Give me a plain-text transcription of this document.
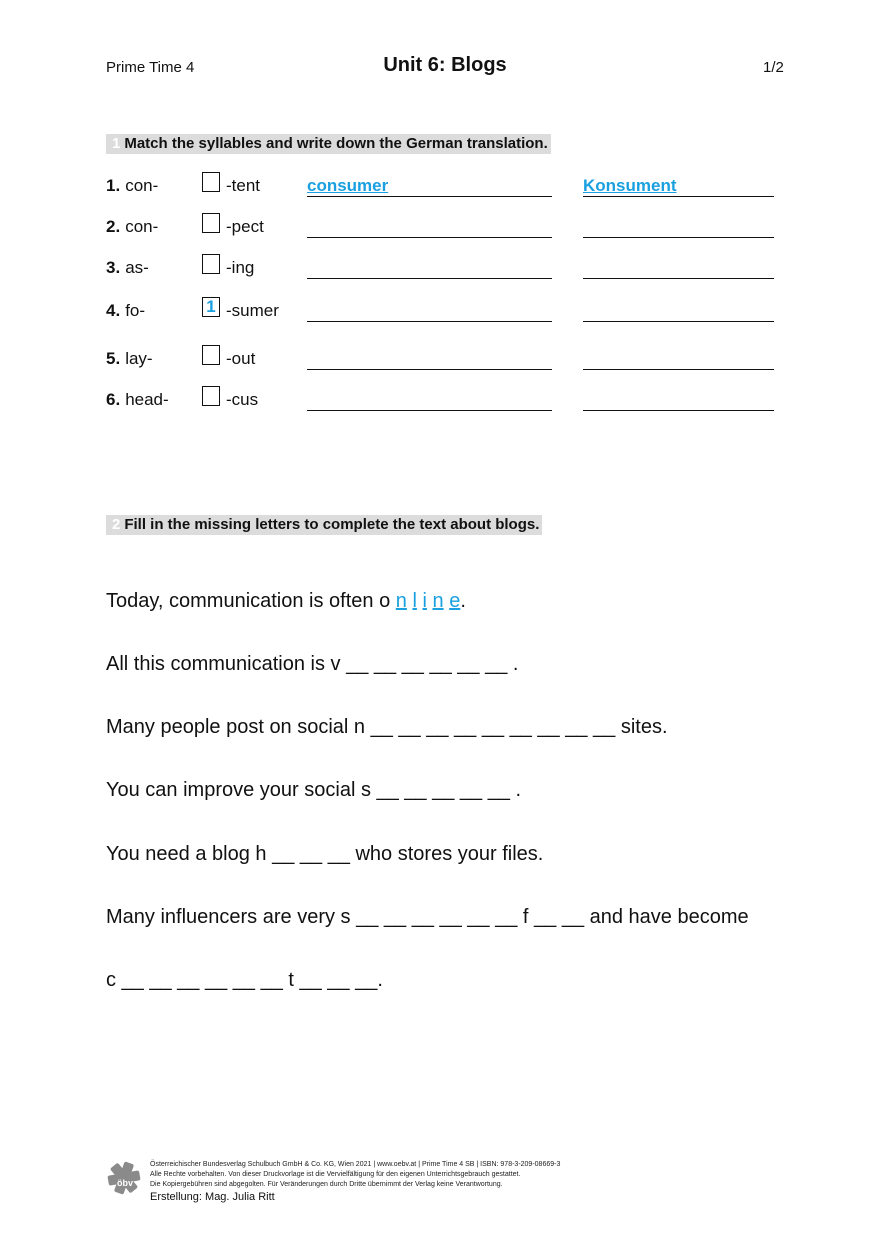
Prime Time 4	Unit 6: Blogs	1/2
1 Match the syllables and write down the German translation.
1. con-	-tent	consumer	Konsument
2. con-	-pect
3. as-	-ing
4. fo-	1 -sumer
5. lay-	-out
6. head-	-cus
2 Fill in the missing letters to complete the text about blogs.
Today, communication is often o n l i n e.
All this communication is v __ __ __ __ __ __ .
Many people post on social n __ __ __ __ __ __ __ __ __ sites.
You can improve your social s __ __ __ __ __ .
You need a blog h __ __ __ who stores your files.
Many influencers are very s __ __ __ __ __ __ f __ __ and have become
c __ __ __ __ __ __ t __ __ __.
öbv
Österreichischer Bundesverlag Schulbuch GmbH & Co. KG, Wien 2021 | www.oebv.at | Prime Time 4 SB | ISBN: 978-3-209-08669-3
Alle Rechte vorbehalten. Von dieser Druckvorlage ist die Vervielfältigung für den eigenen Unterrichtsgebrauch gestattet.
Die Kopiergebühren sind abgegolten. Für Veränderungen durch Dritte übernimmt der Verlag keine Verantwortung.
Erstellung: Mag. Julia Ritt
